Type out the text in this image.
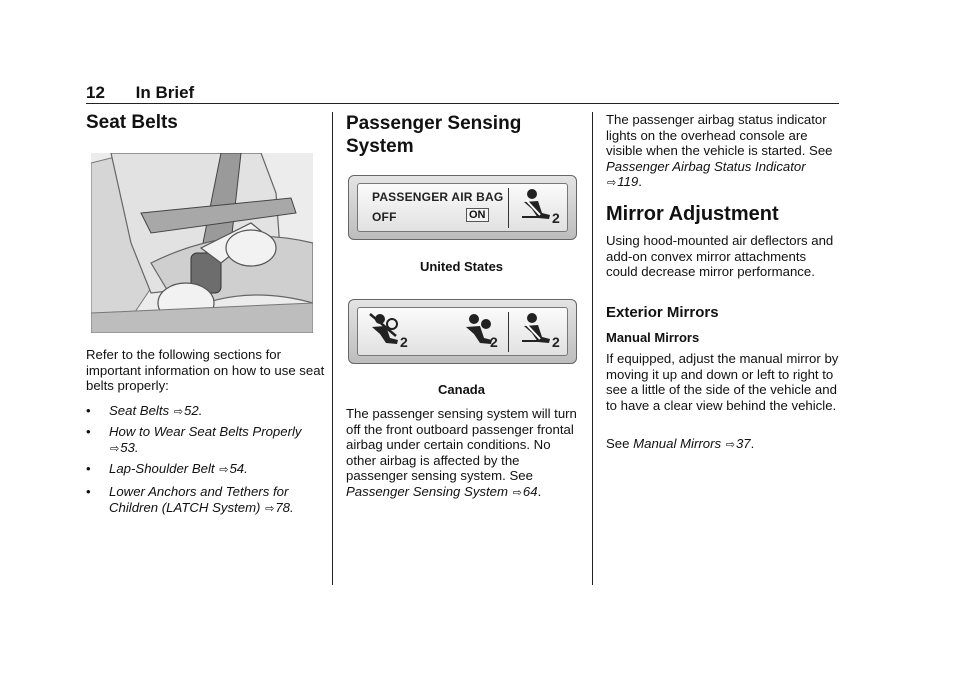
12 In Brief
Seat Belts
Refer to the following sections for important information on how to use seat belts properly:
• Seat Belts ⇨52.
• How to Wear Seat Belts Properly
⇨53.
• Lap-Shoulder Belt ⇨54.
• Lower Anchors and Tethers for Children (LATCH System) ⇨78.
Passenger Sensing System
PASSENGER AIR BAG
OFF	ON	2
United States
2	2	2
Canada
The passenger sensing system will turn off the front outboard passenger frontal airbag under certain conditions. No other airbag is affected by the passenger sensing system. See Passenger Sensing System ⇨64.
The passenger airbag status indicator lights on the overhead console are visible when the vehicle is started. See Passenger Airbag Status Indicator ⇨119.
Mirror Adjustment
Using hood-mounted air deflectors and add-on convex mirror attachments could decrease mirror performance.
Exterior Mirrors
Manual Mirrors
If equipped, adjust the manual mirror by moving it up and down or left to right to see a little of the side of the vehicle and to have a clear view behind the vehicle.
See Manual Mirrors ⇨37.
